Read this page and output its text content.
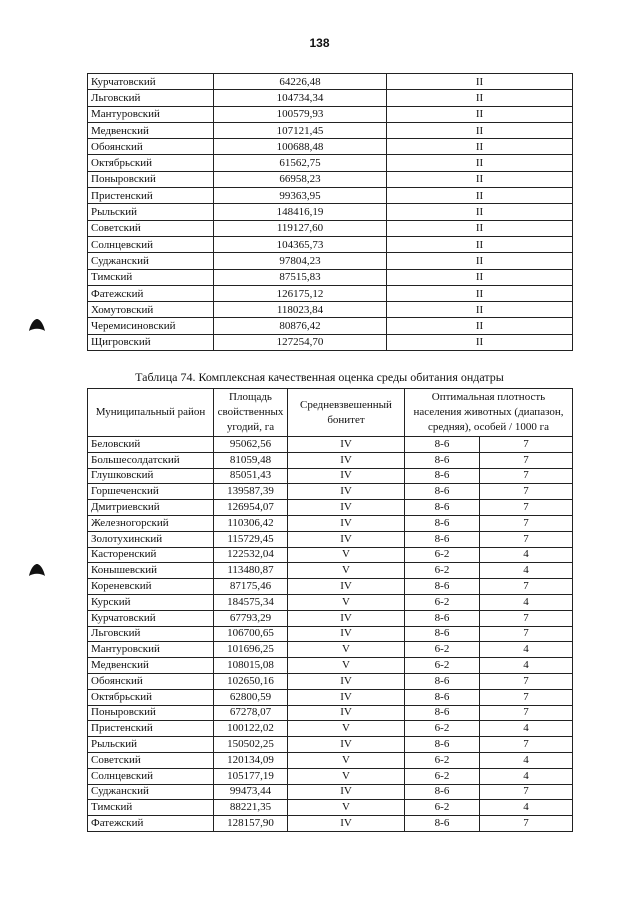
138
Курчатовский	64226,48	II
Льговский	104734,34	II
Мантуровский	100579,93	II
Медвенский	107121,45	II
Обоянский	100688,48	II
Октябрьский	61562,75	II
Поныровский	66958,23	II
Пристенский	99363,95	II
Рыльский	148416,19	II
Советский	119127,60	II
Солнцевский	104365,73	II
Суджанский	97804,23	II
Тимский	87515,83	II
Фатежский	126175,12	II
Хомутовский	118023,84	II
Черемисиновский	80876,42	II
Щигровский	127254,70	II
Таблица 74. Комплексная качественная оценка среды обитания ондатры
Муниципальный район	Площадь свойственных угодий, га	Средневзвешенный бонитет	Оптимальная плотность населения животных (диапазон, средняя), особей / 1000 га	
Беловский	95062,56	IV	8-6	7
Большесолдатский	81059,48	IV	8-6	7
Глушковский	85051,43	IV	8-6	7
Горшеченский	139587,39	IV	8-6	7
Дмитриевский	126954,07	IV	8-6	7
Железногорский	110306,42	IV	8-6	7
Золотухинский	115729,45	IV	8-6	7
Касторенский	122532,04	V	6-2	4
Конышевский	113480,87	V	6-2	4
Кореневский	87175,46	IV	8-6	7
Курский	184575,34	V	6-2	4
Курчатовский	67793,29	IV	8-6	7
Льговский	106700,65	IV	8-6	7
Мантуровский	101696,25	V	6-2	4
Медвенский	108015,08	V	6-2	4
Обоянский	102650,16	IV	8-6	7
Октябрьский	62800,59	IV	8-6	7
Поныровский	67278,07	IV	8-6	7
Пристенский	100122,02	V	6-2	4
Рыльский	150502,25	IV	8-6	7
Советский	120134,09	V	6-2	4
Солнцевский	105177,19	V	6-2	4
Суджанский	99473,44	IV	8-6	7
Тимский	88221,35	V	6-2	4
Фатежский	128157,90	IV	8-6	7
